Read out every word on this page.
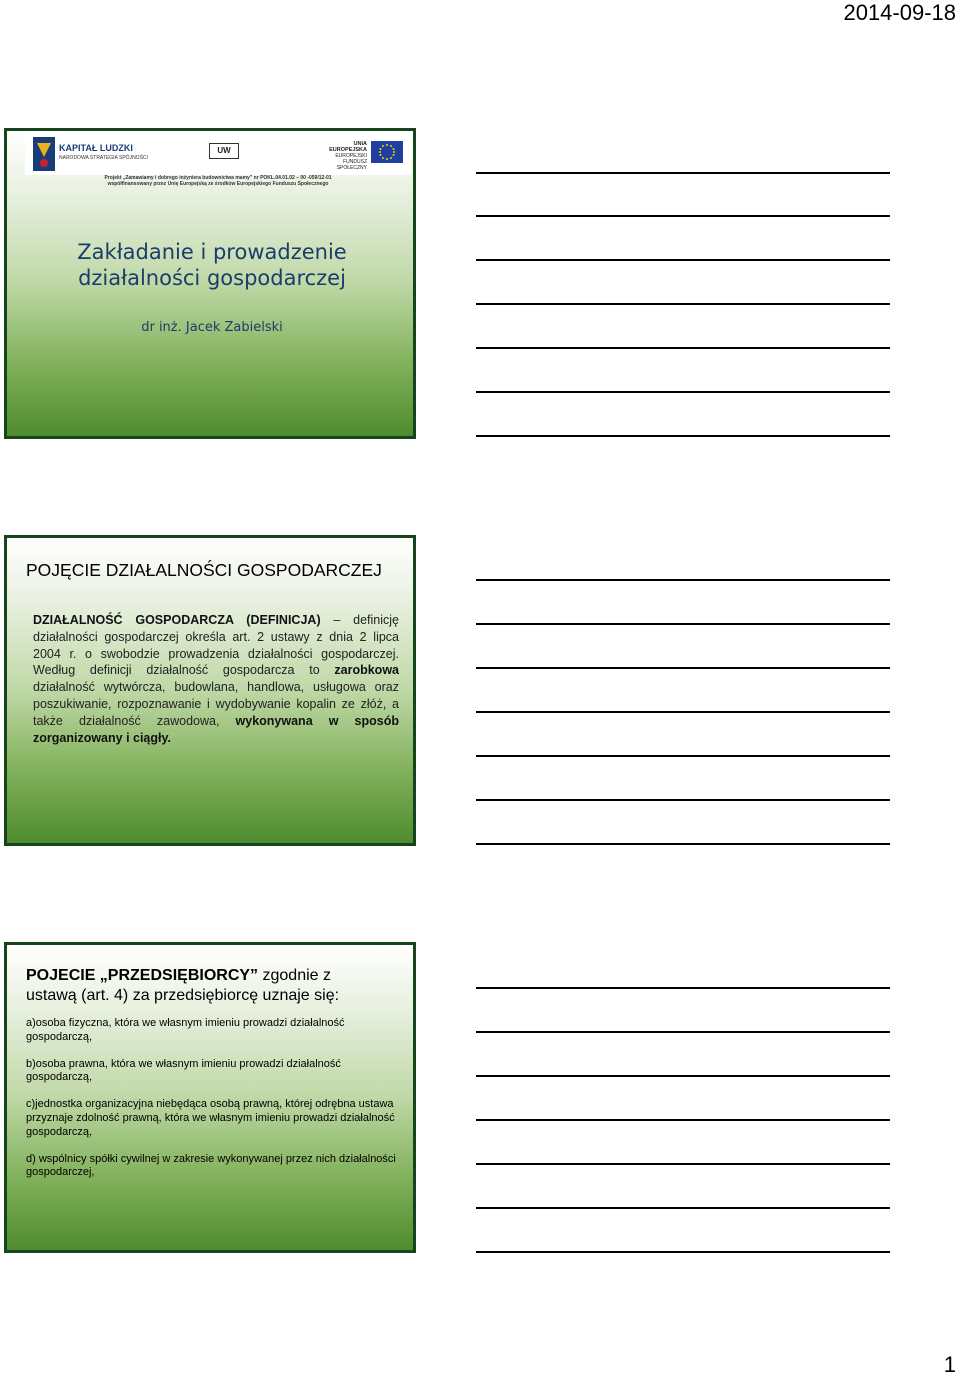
2014-09-18
KAPITAŁ LUDZKI
NARODOWA STRATEGIA SPÓJNOŚCI
UW
UNIA EUROPEJSKA
EUROPEJSKI
FUNDUSZ SPOŁECZNY
Projekt „Zamawiamy i dobrego inżyniera budownictwa mamy” nr POKL.04.01.02 – 00 -059/12-01
współfinansowany przez Unię Europejską ze środków Europejskiego Funduszu Społecznego
Zakładanie i prowadzenie
działalności gospodarczej
dr inż. Jacek Zabielski
POJĘCIE DZIAŁALNOŚCI GOSPODARCZEJ
DZIAŁALNOŚĆ GOSPODARCZA (DEFINICJA) – definicję działalności gospodarczej określa art. 2 ustawy z dnia 2 lipca 2004 r. o swobodzie prowadzenia działalności gospodarczej. Według definicji działalność gospodarcza to zarobkowa działalność wytwórcza, budowlana, handlowa, usługowa oraz poszukiwanie, rozpoznawanie i wydobywanie kopalin ze złóż, a także działalność zawodowa, wykonywana w sposób zorganizowany i ciągły.
POJECIE „PRZEDSIĘBIORCY” zgodnie z ustawą (art. 4) za przedsiębiorcę uznaje się:
a)osoba fizyczna, która we własnym imieniu prowadzi działalność gospodarczą,
b)osoba prawna, która we własnym imieniu prowadzi działalność gospodarczą,
c)jednostka organizacyjna niebędąca osobą prawną, której odrębna ustawa przyznaje zdolność prawną, która we własnym imieniu prowadzi działalność gospodarczą,
d) wspólnicy spółki cywilnej w zakresie wykonywanej przez nich działalności gospodarczej,
1
